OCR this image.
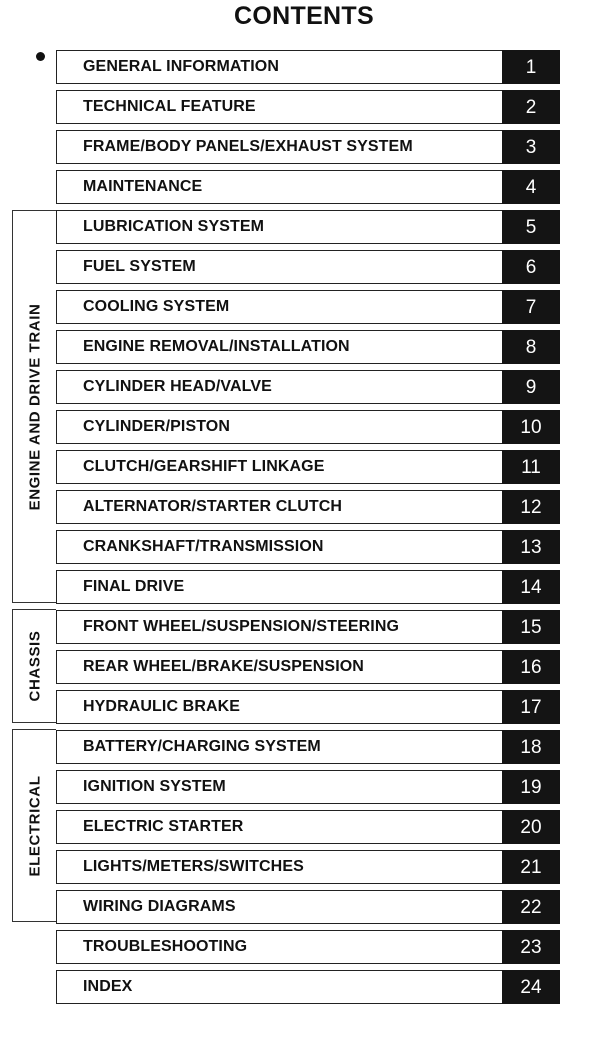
CONTENTS
ENGINE AND DRIVE TRAIN
CHASSIS
ELECTRICAL
GENERAL INFORMATION	1
TECHNICAL FEATURE	2
FRAME/BODY PANELS/EXHAUST SYSTEM	3
MAINTENANCE	4
LUBRICATION SYSTEM	5
FUEL SYSTEM	6
COOLING SYSTEM	7
ENGINE REMOVAL/INSTALLATION	8
CYLINDER HEAD/VALVE	9
CYLINDER/PISTON	10
CLUTCH/GEARSHIFT LINKAGE	11
ALTERNATOR/STARTER CLUTCH	12
CRANKSHAFT/TRANSMISSION	13
FINAL DRIVE	14
FRONT WHEEL/SUSPENSION/STEERING	15
REAR WHEEL/BRAKE/SUSPENSION	16
HYDRAULIC BRAKE	17
BATTERY/CHARGING SYSTEM	18
IGNITION SYSTEM	19
ELECTRIC STARTER	20
LIGHTS/METERS/SWITCHES	21
WIRING DIAGRAMS	22
TROUBLESHOOTING	23
INDEX	24
